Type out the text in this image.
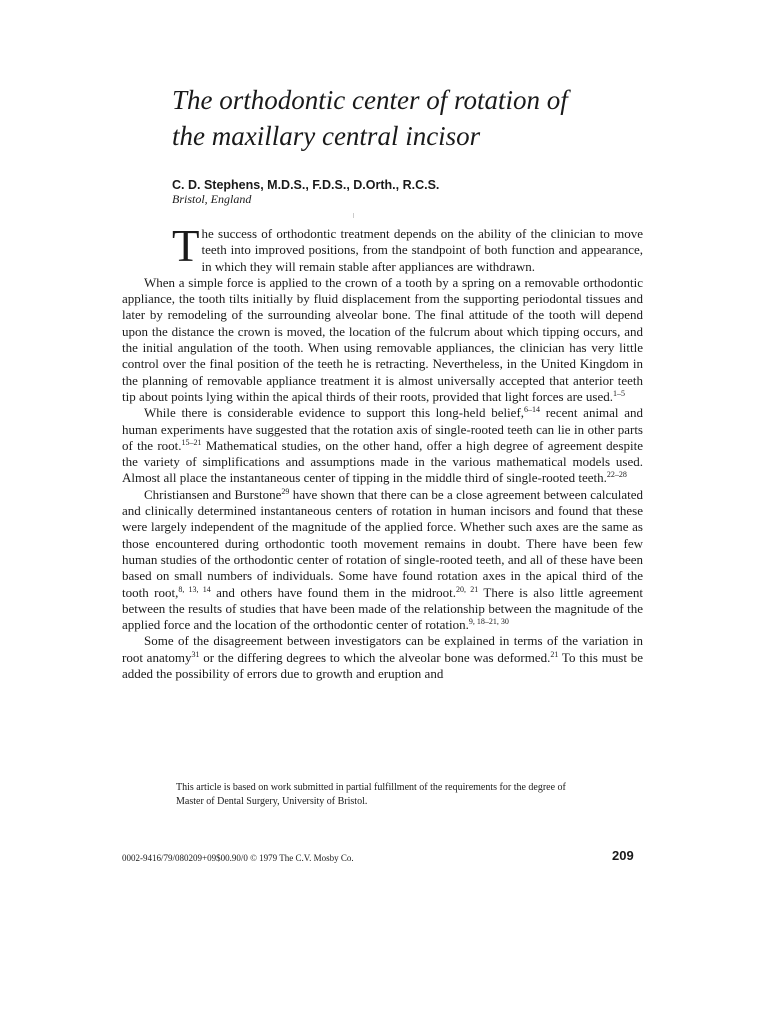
The orthodontic center of rotation of
the maxillary central incisor
C. D. Stephens, M.D.S., F.D.S., D.Orth., R.C.S.
Bristol, England

The success of orthodontic treatment depends on the ability of the clinician to move teeth into improved positions, from the standpoint of both function and appearance, in which they will remain stable after appliances are withdrawn.

When a simple force is applied to the crown of a tooth by a spring on a removable orthodontic appliance, the tooth tilts initially by fluid displacement from the supporting periodontal tissues and later by remodeling of the surrounding alveolar bone. The final attitude of the tooth will depend upon the distance the crown is moved, the location of the fulcrum about which tipping occurs, and the initial angulation of the tooth. When using removable appliances, the clinician has very little control over the final position of the teeth he is retracting. Nevertheless, in the United Kingdom in the planning of removable appliance treatment it is almost universally accepted that anterior teeth tip about points lying within the apical thirds of their roots, provided that light forces are used.$^{1-5}$

While there is considerable evidence to support this long-held belief,$^{6-14}$ recent animal and human experiments have suggested that the rotation axis of single-rooted teeth can lie in other parts of the root.$^{15-21}$ Mathematical studies, on the other hand, offer a high degree of agreement despite the variety of simplifications and assumptions made in the various mathematical models used. Almost all place the instantaneous center of tipping in the middle third of single-rooted teeth.$^{22-28}$

Christiansen and Burstone$^{29}$ have shown that there can be a close agreement between calculated and clinically determined instantaneous centers of rotation in human incisors and found that these were largely independent of the magnitude of the applied force. Whether such axes are the same as those encountered during orthodontic tooth movement remains in doubt. There have been few human studies of the orthodontic center of rotation of single-rooted teeth, and all of these have been based on small numbers of individuals. Some have found rotation axes in the apical third of the tooth root,$^{8, 13, 14}$ and others have found them in the midroot.$^{20, 21}$ There is also little agreement between the results of studies that have been made of the relationship between the magnitude of the applied force and the location of the orthodontic center of rotation.$^{9, 18-21, 30}$

Some of the disagreement between investigators can be explained in terms of the variation in root anatomy$^{31}$ or the differing degrees to which the alveolar bone was deformed.$^{21}$ To this must be added the possibility of errors due to growth and eruption and

This article is based on work submitted in partial fulfillment of the requirements for the degree of
Master of Dental Surgery, University of Bristol.
0002-9416/79/080209+09$00.90/0 © 1979 The C.V. Mosby Co.	209
